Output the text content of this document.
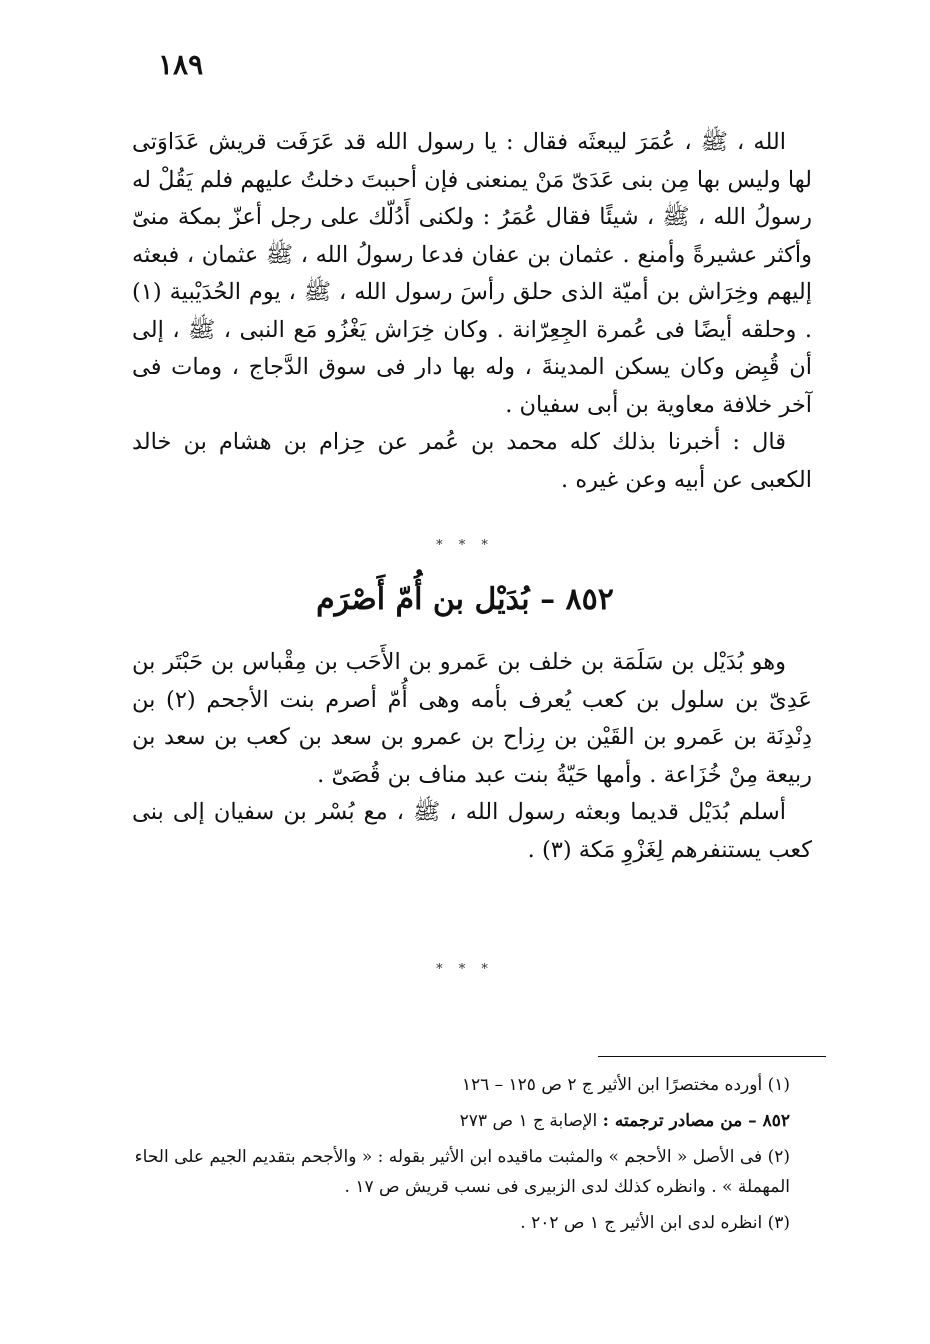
١٨٩

الله ، ﷺ ، عُمَرَ ليبعثَه فقال : يا رسول الله قد عَرَفَت قريش عَدَاوَتى لها وليس بها مِن بنى عَدَىّ مَنْ يمنعنى فإن أحببتَ دخلتُ عليهم فلم يَقُلْ له رسولُ الله ، ﷺ ، شيئًا فقال عُمَرُ : ولكنى أَدُلّك على رجل أعزّ بمكة منىّ وأكثر عشيرةً وأمنع . عثمان بن عفان فدعا رسولُ الله ، ﷺ عثمان ، فبعثه إليهم وخِرَاش بن أميّة الذى حلق رأسَ رسول الله ، ﷺ ، يوم الحُدَيْبية (١) . وحلقه أيضًا فى عُمرة الجِعِرّانة . وكان خِرَاش يَغْزُو مَع النبى ، ﷺ ، إلى أن قُبِض وكان يسكن المدينةَ ، وله بها دار فى سوق الدَّجاج ، ومات فى آخر خلافة معاوية بن أبى سفيان .

قال : أخبرنا بذلك كله محمد بن عُمر عن حِزام بن هشام بن خالد الكعبى عن أبيه وعن غيره .

* * *
٨٥٢ – بُدَيْل بن أُمّ أَصْرَم

وهو بُدَيْل بن سَلَمَة بن خلف بن عَمرو بن الأَحَب بن مِقْباس بن حَبْتَر بن عَدِىّ بن سلول بن كعب يُعرف بأمه وهى أُمّ أصرم بنت الأجحم (٢) بن دِنْدِنَة بن عَمرو بن القَيْن بن رِزاح بن عمرو بن سعد بن كعب بن سعد بن ربيعة مِنْ خُزَاعة . وأمها حَيّةُ بنت عبد مناف بن قُصَىّ .

أسلم بُدَيْل قديما وبعثه رسول الله ، ﷺ ، مع بُسْر بن سفيان إلى بنى كعب يستنفرهم لِغَزْوِ مَكة (٣) .

* * *

(١) أورده مختصرًا ابن الأثير ج ٢ ص ١٢٥ – ١٢٦

٨٥٢ – من مصادر ترجمته : الإصابة ج ١ ص ٢٧٣

(٢) فى الأصل « الأحجم » والمثبت ماقيده ابن الأثير بقوله : « والأجحم بتقديم الجيم على الحاء المهملة » . وانظره كذلك لدى الزبيرى فى نسب قريش ص ١٧ .

(٣) انظره لدى ابن الأثير ج ١ ص ٢٠٢ .
